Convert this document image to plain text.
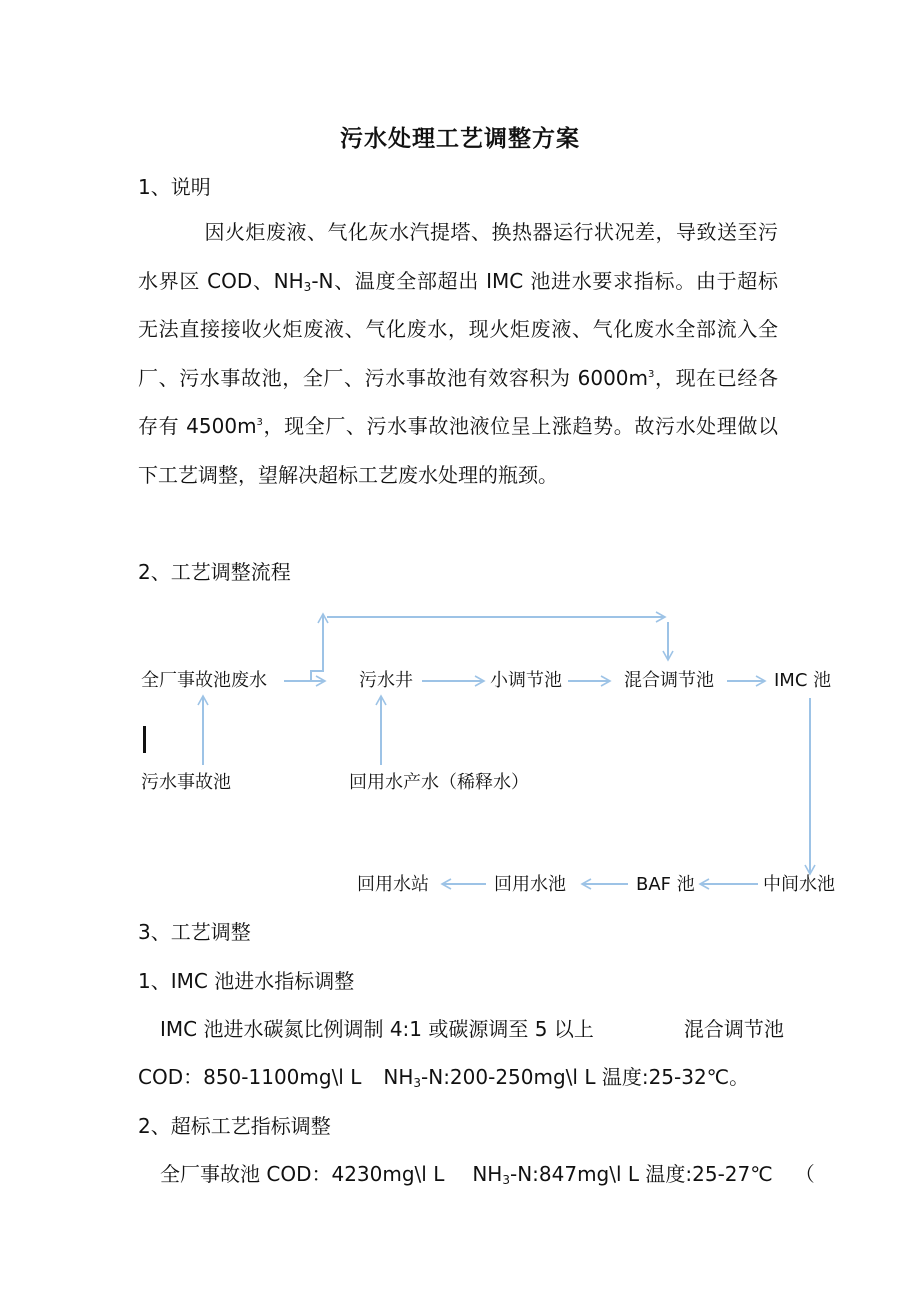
污水处理工艺调整方案
1、说明
因火炬废液、气化灰水汽提塔、换热器运行状况差，导致送至污水界区 COD、$NH_3-N$、温度全部超出 IMC 池进水要求指标。由于超标无法直接接收火炬废液、气化废水，现火炬废液、气化废水全部流入全厂、污水事故池，全厂、污水事故池有效容积为 $6000m^3$，现在已经各存有 $4500m^3$，现全厂、污水事故池液位呈上涨趋势。故污水处理做以下工艺调整，望解决超标工艺废水处理的瓶颈。
2、工艺调整流程
全厂事故池废水	污水井	小调节池	混合调节池	IMC 池
污水事故池	回用水产水（稀释水）
中间水池
BAF 池
回用水池
回用水站
3、工艺调整
1、IMC 池进水指标调整
IMC 池进水碳氮比例调制 4:1 或碳源调至 5 以上	混合调节池
COD：850-1100mg\l L $NH_3-N:200-250mg\backslash l$ L 温度:25-32℃。
2、超标工艺指标调整
全厂事故池 COD：4230mg\l L $NH_3-N:847mg\backslash l$ L 温度:25-27℃ （
